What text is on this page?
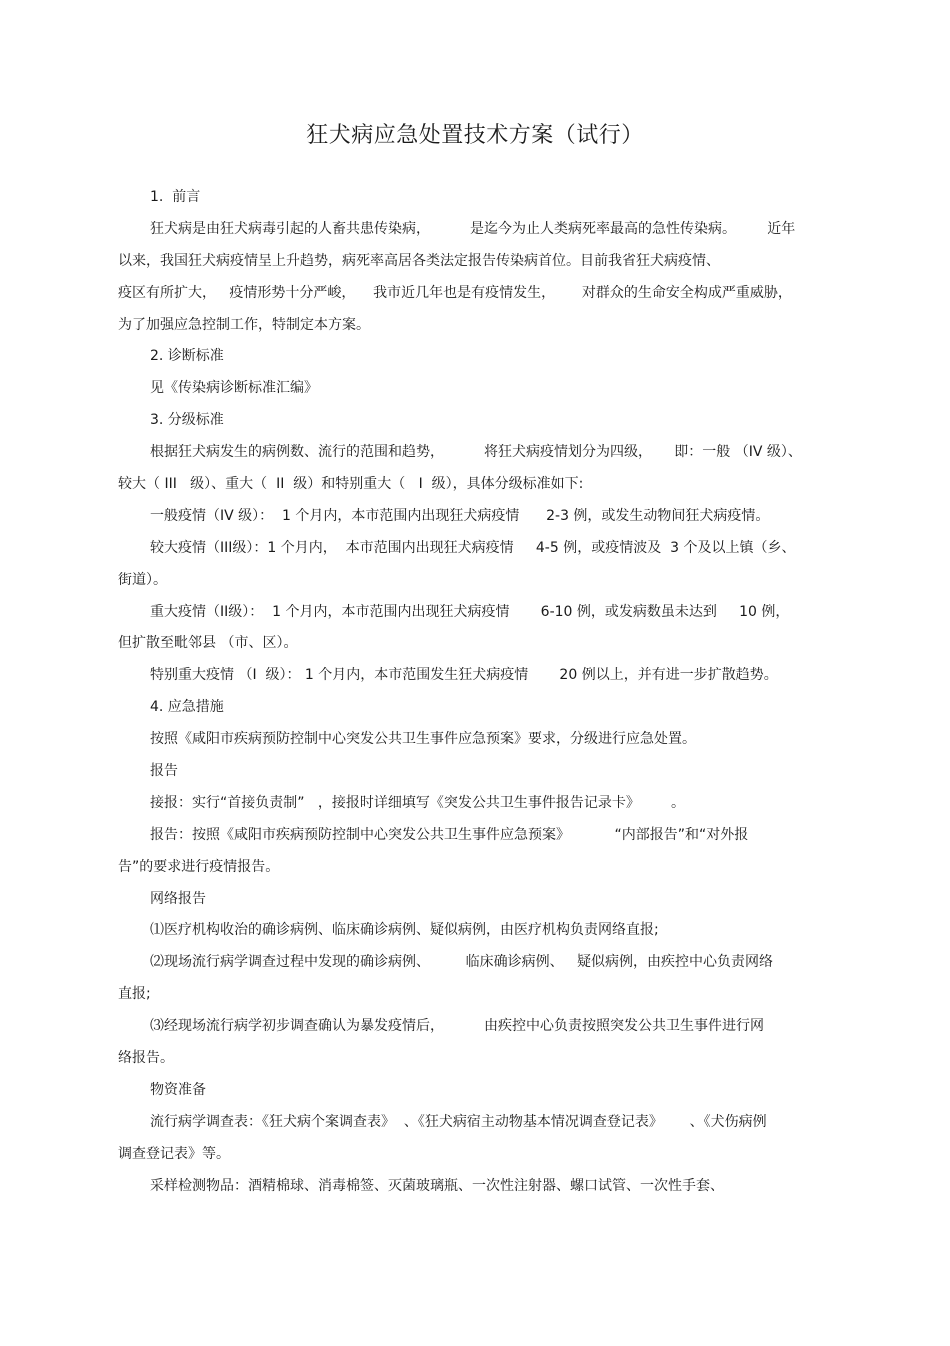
狂犬病应急处置技术方案（试行）
1.  前言
狂犬病是由狂犬病毒引起的人畜共患传染病，         是迄今为止人类病死率最高的急性传染病。       近年
以来，我国狂犬病疫情呈上升趋势，病死率高居各类法定报告传染病首位。目前我省狂犬病疫情、
疫区有所扩大，   疫情形势十分严峻，    我市近几年也是有疫情发生，      对群众的生命安全构成严重威胁，
为了加强应急控制工作，特制定本方案。
2. 诊断标准
见《传染病诊断标准汇编》
3. 分级标准
根据狂犬病发生的病例数、流行的范围和趋势，         将狂犬病疫情划分为四级，     即：一般 （IV 级）、
较大（ III   级）、重大（  II  级）和特别重大（   I  级），具体分级标准如下:
一般疫情（IV 级）：  1 个月内，本市范围内出现狂犬病疫情      2-3 例，或发生动物间狂犬病疫情。
较大疫情（III级）：1 个月内，  本市范围内出现狂犬病疫情     4-5 例，或疫情波及  3 个及以上镇（乡、
街道）。
重大疫情（II级）：  1 个月内，本市范围内出现狂犬病疫情       6-10 例，或发病数虽未达到     10 例，
但扩散至毗邻县 （市、区）。
特别重大疫情 （I  级）： 1 个月内，本市范围发生狂犬病疫情       20 例以上，并有进一步扩散趋势。
4. 应急措施
按照《咸阳市疾病预防控制中心突发公共卫生事件应急预案》要求，分级进行应急处置。
报告
接报：实行“首接负责制”   ，接报时详细填写《突发公共卫生事件报告记录卡》       。
报告：按照《咸阳市疾病预防控制中心突发公共卫生事件应急预案》          “内部报告”和“对外报
告”的要求进行疫情报告。
网络报告
⑴医疗机构收治的确诊病例、临床确诊病例、疑似病例，由医疗机构负责网络直报;
⑵现场流行病学调查过程中发现的确诊病例、        临床确诊病例、   疑似病例，由疾控中心负责网络
直报;
⑶经现场流行病学初步调查确认为暴发疫情后，         由疾控中心负责按照突发公共卫生事件进行网
络报告。
物资准备
流行病学调查表：《狂犬病个案调查表》  、《狂犬病宿主动物基本情况调查登记表》      、《犬伤病例
调查登记表》等。
采样检测物品：酒精棉球、消毒棉签、灭菌玻璃瓶、一次性注射器、螺口试管、一次性手套、
